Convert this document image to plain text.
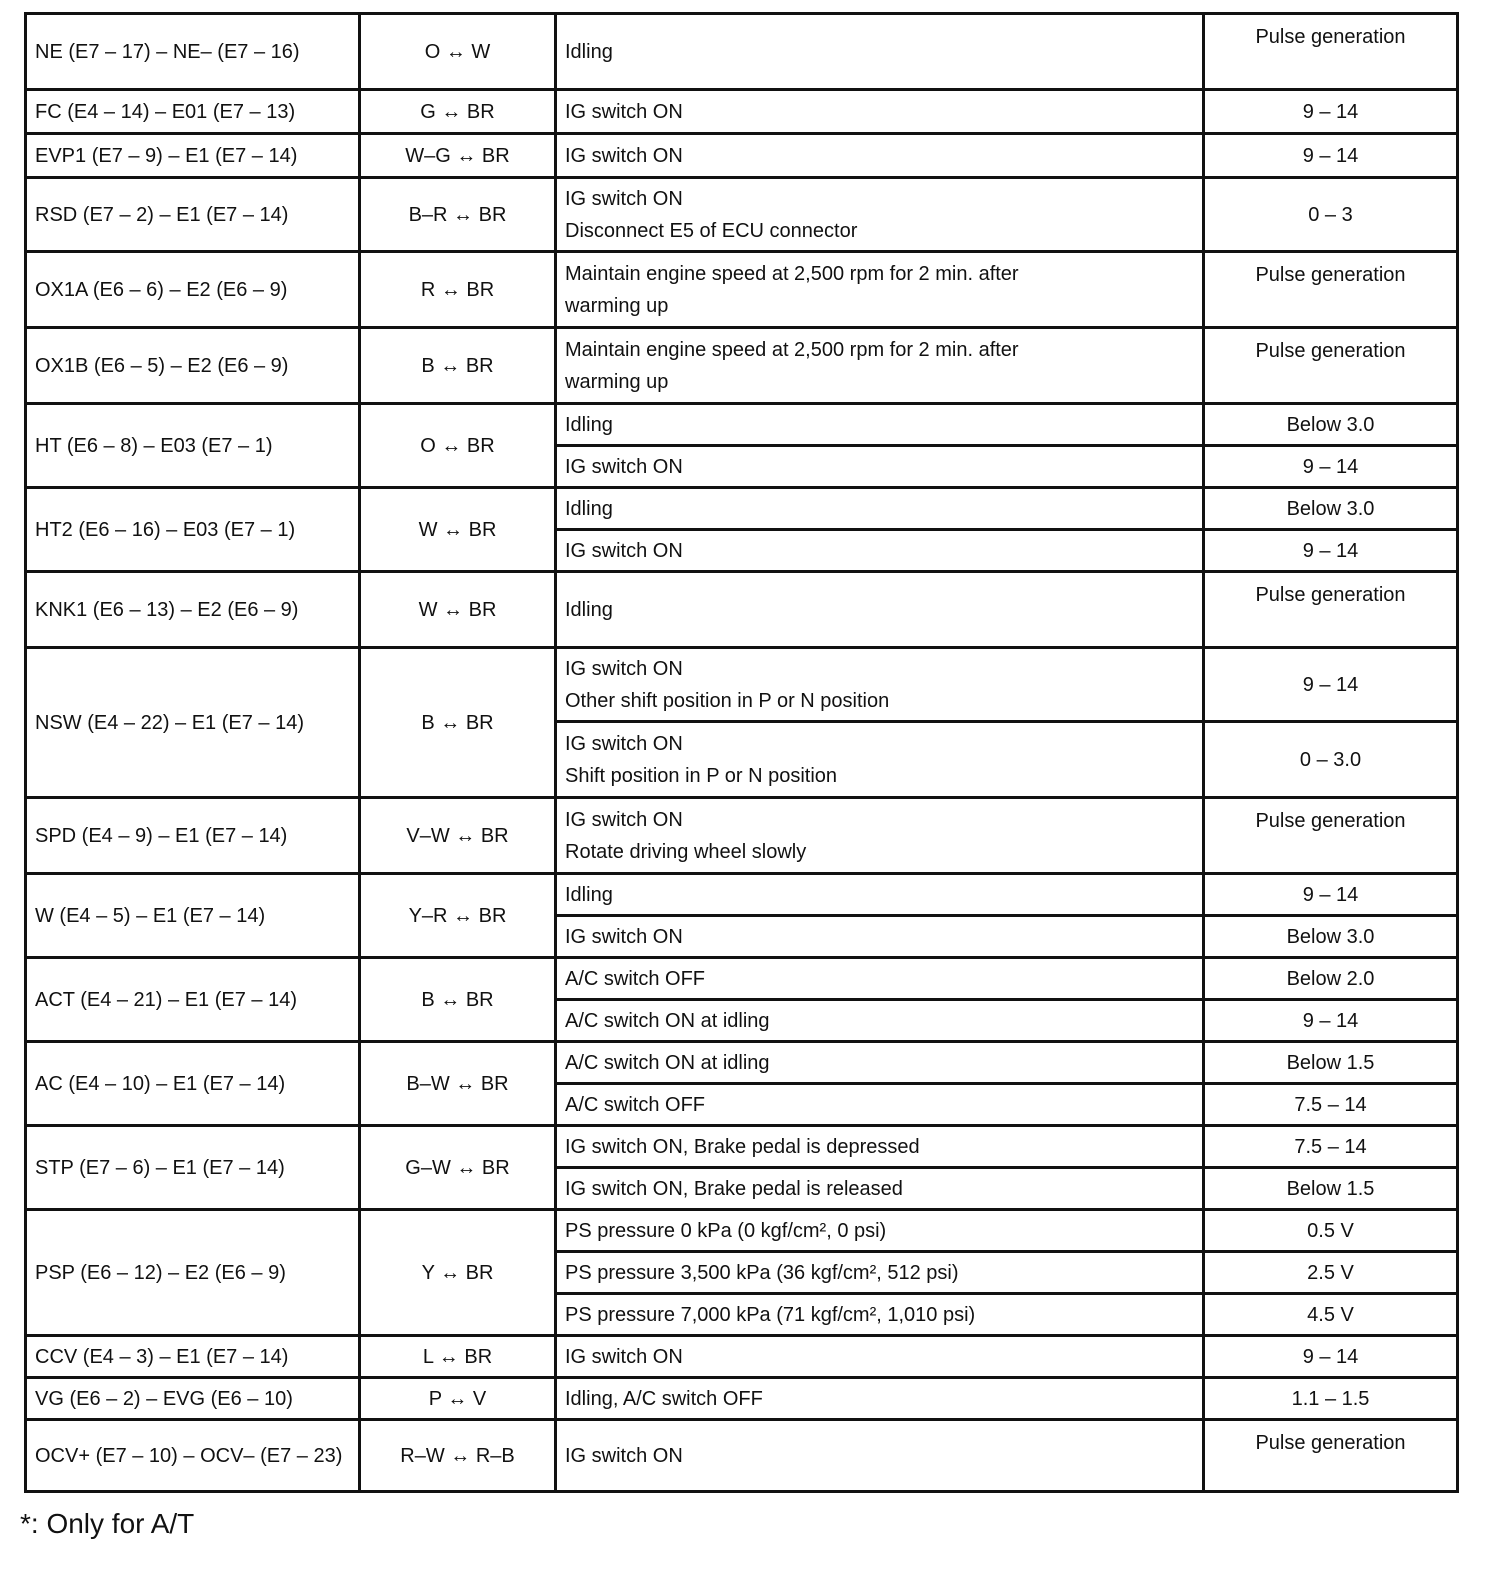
NE (E7 – 17) – NE– (E7 – 16)	O ↔ W	Idling	Pulse generation
FC (E4 – 14) – E01 (E7 – 13)	G ↔ BR	IG switch ON	9 – 14
EVP1 (E7 – 9) – E1 (E7 – 14)	W–G ↔ BR	IG switch ON	9 – 14
RSD (E7 – 2) – E1 (E7 – 14)	B–R ↔ BR	IG switch ON
Disconnect E5 of ECU connector	0 – 3
OX1A (E6 – 6) – E2 (E6 – 9)	R ↔ BR	Maintain engine speed at 2,500 rpm for 2 min. after
warming up	Pulse generation
OX1B (E6 – 5) – E2 (E6 – 9)	B ↔ BR	Maintain engine speed at 2,500 rpm for 2 min. after
warming up	Pulse generation
HT (E6 – 8) – E03 (E7 – 1)	O ↔ BR	Idling	Below 3.0

		IG switch ON	9 – 14
HT2 (E6 – 16) – E03 (E7 – 1)	W ↔ BR	Idling	Below 3.0

		IG switch ON	9 – 14
KNK1 (E6 – 13) – E2 (E6 – 9)	W ↔ BR	Idling	Pulse generation
NSW (E4 – 22) – E1 (E7 – 14)	B ↔ BR	IG switch ON
Other shift position in P or N position	9 – 14

		IG switch ON
Shift position in P or N position	0 – 3.0
SPD (E4 – 9) – E1 (E7 – 14)	V–W ↔ BR	IG switch ON
Rotate driving wheel slowly	Pulse generation
W (E4 – 5) – E1 (E7 – 14)	Y–R ↔ BR	Idling	9 – 14

		IG switch ON	Below 3.0
ACT (E4 – 21) – E1 (E7 – 14)	B ↔ BR	A/C switch OFF	Below 2.0

		A/C switch ON at idling	9 – 14
AC (E4 – 10) – E1 (E7 – 14)	B–W ↔ BR	A/C switch ON at idling	Below 1.5

		A/C switch OFF	7.5 – 14
STP (E7 – 6) – E1 (E7 – 14)	G–W ↔ BR	IG switch ON, Brake pedal is depressed	7.5 – 14

		IG switch ON, Brake pedal is released	Below 1.5
PSP (E6 – 12) – E2 (E6 – 9)	Y ↔ BR	PS pressure 0 kPa (0 kgf/cm², 0 psi)	0.5 V

		PS pressure 3,500 kPa (36 kgf/cm², 512 psi)	2.5 V

		PS pressure 7,000 kPa (71 kgf/cm², 1,010 psi)	4.5 V
CCV (E4 – 3) – E1 (E7 – 14)	L ↔ BR	IG switch ON	9 – 14
VG (E6 – 2) – EVG (E6 – 10)	P ↔ V	Idling, A/C switch OFF	1.1 – 1.5
OCV+ (E7 – 10) – OCV– (E7 – 23)	R–W ↔ R–B	IG switch ON	Pulse generation
*: Only for A/T
